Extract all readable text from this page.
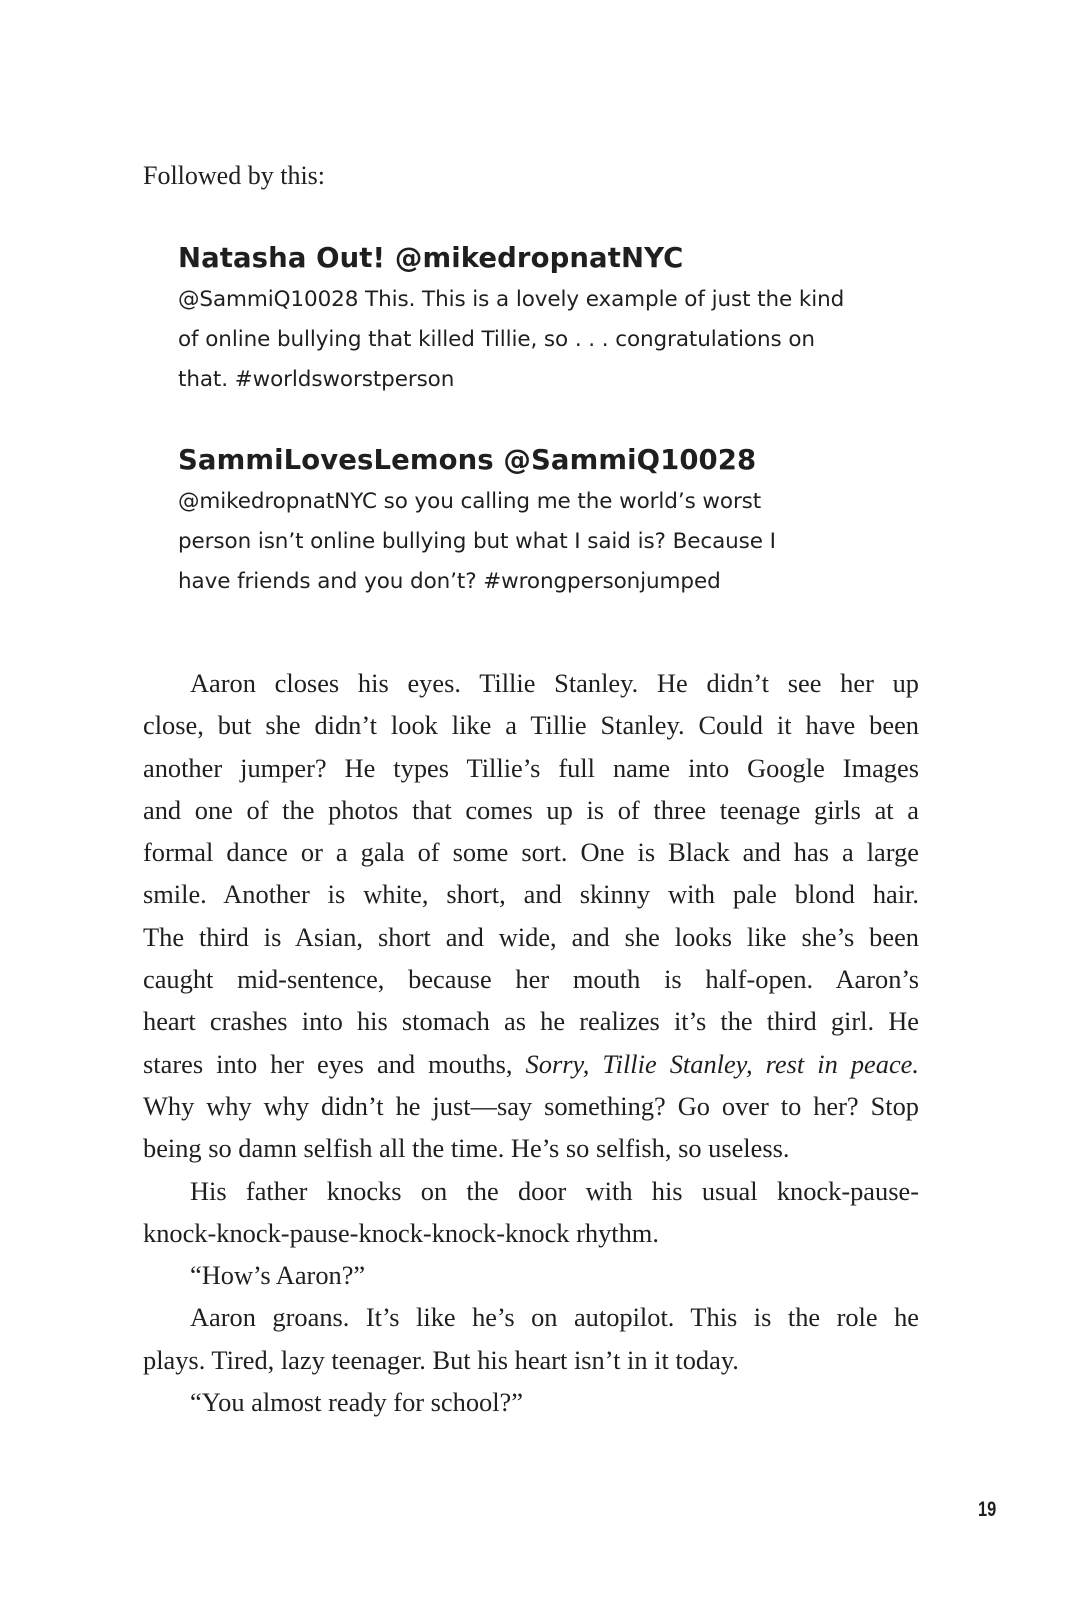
Followed by this:

Natasha Out! @mikedropnatNYC

@SammiQ10028 This. This is a lovely example of just the kind
of online bullying that killed Tillie, so . . . congratulations on
that. #worldsworstperson

SammiLovesLemons @SammiQ10028

@mikedropnatNYC so you calling me the world’s worst
person isn’t online bullying but what I said is? Because I
have friends and you don’t? #wrongpersonjumped

Aaron closes his eyes. Tillie Stanley. He didn’t see her up
close, but she didn’t look like a Tillie Stanley. Could it have been
another jumper? He types Tillie’s full name into Google Images
and one of the photos that comes up is of three teenage girls at a
formal dance or a gala of some sort. One is Black and has a large
smile. Another is white, short, and skinny with pale blond hair.
The third is Asian, short and wide, and she looks like she’s been
caught mid-sentence, because her mouth is half-open. Aaron’s
heart crashes into his stomach as he realizes it’s the third girl. He
stares into her eyes and mouths, Sorry, Tillie Stanley, rest in peace.
Why why why didn’t he just—say something? Go over to her? Stop
being so damn selfish all the time. He’s so selfish, so useless.
His father knocks on the door with his usual knock-pause-
knock-knock-pause-knock-knock-knock rhythm.
“How’s Aaron?”
Aaron groans. It’s like he’s on autopilot. This is the role he
plays. Tired, lazy teenager. But his heart isn’t in it today.
“You almost ready for school?”

19
